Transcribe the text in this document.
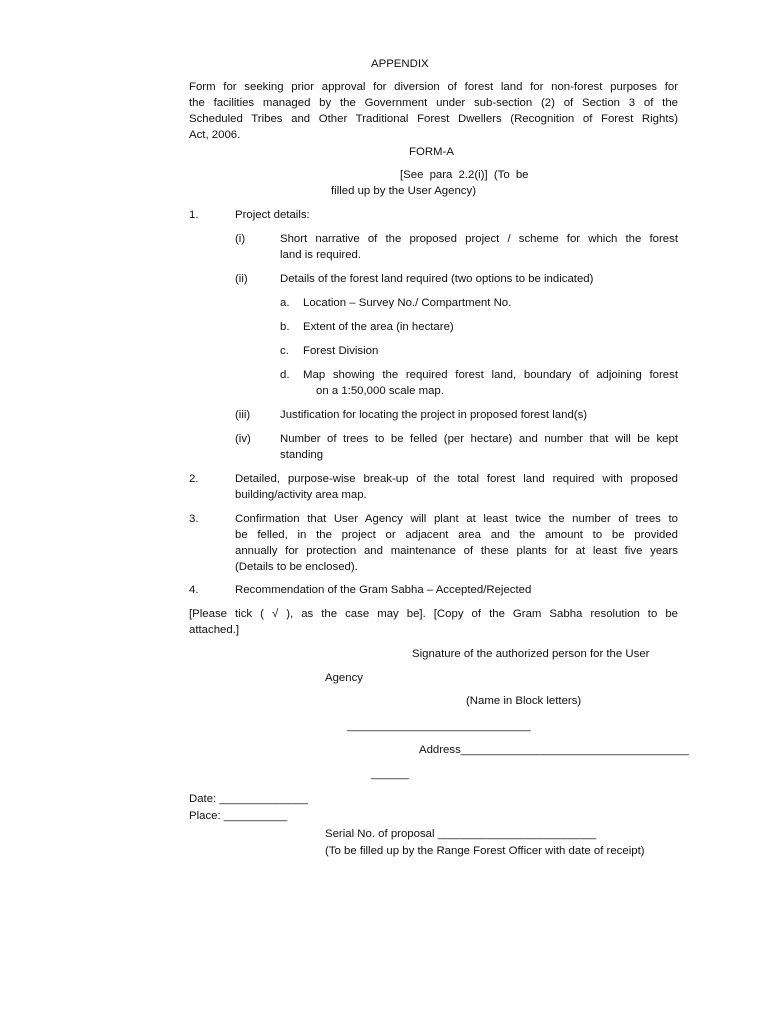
APPENDIX
Form for seeking prior approval for diversion of forest land for non-forest purposes for
the facilities managed by the Government under sub-section (2) of Section 3 of the
Scheduled Tribes and Other Traditional Forest Dwellers (Recognition of Forest Rights)
Act, 2006.
FORM-A
[See para 2.2(i)] (To be
filled up by the User Agency)
1.	Project details:
(i)	Short narrative of the proposed project / scheme for which the forest
land is required.
(ii)	Details of the forest land required (two options to be indicated)
a. Location – Survey No./ Compartment No.
b. Extent of the area (in hectare)
c. Forest Division
d. Map showing the required forest land, boundary of adjoining forest
on a 1:50,000 scale map.
(iii)	Justification for locating the project in proposed forest land(s)
(iv)	Number of trees to be felled (per hectare) and number that will be kept
standing
2.	Detailed, purpose-wise break-up of the total forest land required with proposed
building/activity area map.
3.	Confirmation that User Agency will plant at least twice the number of trees to
be felled, in the project or adjacent area and the amount to be provided
annually for protection and maintenance of these plants for at least five years
(Details to be enclosed).
4.	Recommendation of the Gram Sabha – Accepted/Rejected
[Please tick ( √ ), as the case may be]. [Copy of the Gram Sabha resolution to be
attached.]
Signature of the authorized person for the User
Agency
(Name in Block letters)
_____________________________
Address____________________________________
______
Date: ______________
Place: __________
Serial No. of proposal _________________________
(To be filled up by the Range Forest Officer with date of receipt)
